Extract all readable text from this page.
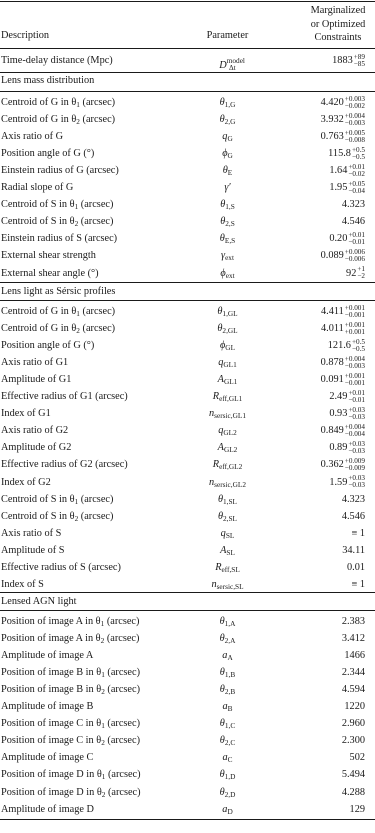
Description	Parameter
Marginalized
or Optimized
Constraints
Time-delay distance (Mpc)	$D^{model}_{\Delta t}$
1883 +89
−85
Lens mass distribution
Centroid of G in $\theta_1$ (arcsec)	$\theta_{1,G}$	4.420 +0.003
−0.002
Centroid of G in $\theta_2$ (arcsec)	$\theta_{2,G}$	3.932 +0.004
−0.003
Axis ratio of G	$q_G$	0.763 +0.005
−0.008
Position angle of G (°)	$\phi_G$	115.8 +0.5
−0.5
Einstein radius of G (arcsec)	$\theta_E$	1.64 +0.01
−0.02
Radial slope of G	γ′	1.95 +0.05
−0.04
Centroid of S in $\theta_1$ (arcsec)	$\theta_{1,S}$	4.323
Centroid of S in $\theta_2$ (arcsec)	$\theta_{2,S}$	4.546
Einstein radius of S (arcsec)	$\theta_{E,S}$	0.20 +0.01
−0.01
External shear strength	$\gamma_{ext}$	0.089 +0.006
−0.006
External shear angle (°)	$\phi_{ext}$	92 +1
−2
Lens light as Sérsic profiles
Centroid of G in $\theta_1$ (arcsec)	$\theta_{1,GL}$	4.411 +0.001
−0.001
Centroid of G in $\theta_2$ (arcsec)	$\theta_{2,GL}$	4.011 +0.001
+0.001
Position angle of G (°)	$\phi_{GL}$	121.6 +0.5
−0.5
Axis ratio of G1	$q_{GL1}$	0.878 +0.004
−0.003
Amplitude of G1	$A_{GL1}$	0.091 +0.001
−0.001
Effective radius of G1 (arcsec)	$R_{eff,GL1}$	2.49 +0.01
−0.01
Index of G1	$n_{sersic,GL1}$	0.93 +0.03
−0.03
Axis ratio of G2	$q_{GL2}$	0.849 +0.004
−0.004
Amplitude of G2	$A_{GL2}$	0.89 +0.03
−0.03
Effective radius of G2 (arcsec)	$R_{eff,GL2}$	0.362 +0.009
−0.009
Index of G2	$n_{sersic,GL2}$	1.59 +0.03
−0.03
Centroid of S in $\theta_1$ (arcsec)	$\theta_{1,SL}$	4.323
Centroid of S in $\theta_2$ (arcsec)	$\theta_{2,SL}$	4.546
Axis ratio of S	$q_{SL}$	≡ 1
Amplitude of S	$A_{SL}$	34.11
Effective radius of S (arcsec)	$R_{eff,SL}$	0.01
Index of S	$n_{sersic,SL}$	≡ 1
Lensed AGN light
Position of image A in $\theta_1$ (arcsec)	$\theta_{1,A}$	2.383
Position of image A in $\theta_2$ (arcsec)	$\theta_{2,A}$	3.412
Amplitude of image A	$a_A$	1466
Position of image B in $\theta_1$ (arcsec)	$\theta_{1,B}$	2.344
Position of image B in $\theta_2$ (arcsec)	$\theta_{2,B}$	4.594
Amplitude of image B	$a_B$	1220
Position of image C in $\theta_1$ (arcsec)	$\theta_{1,C}$	2.960
Position of image C in $\theta_2$ (arcsec)	$\theta_{2,C}$	2.300
Amplitude of image C	$a_C$	502
Position of image D in $\theta_1$ (arcsec)	$\theta_{1,D}$	5.494
Position of image D in $\theta_2$ (arcsec)	$\theta_{2,D}$	4.288
Amplitude of image D	$a_D$	129
